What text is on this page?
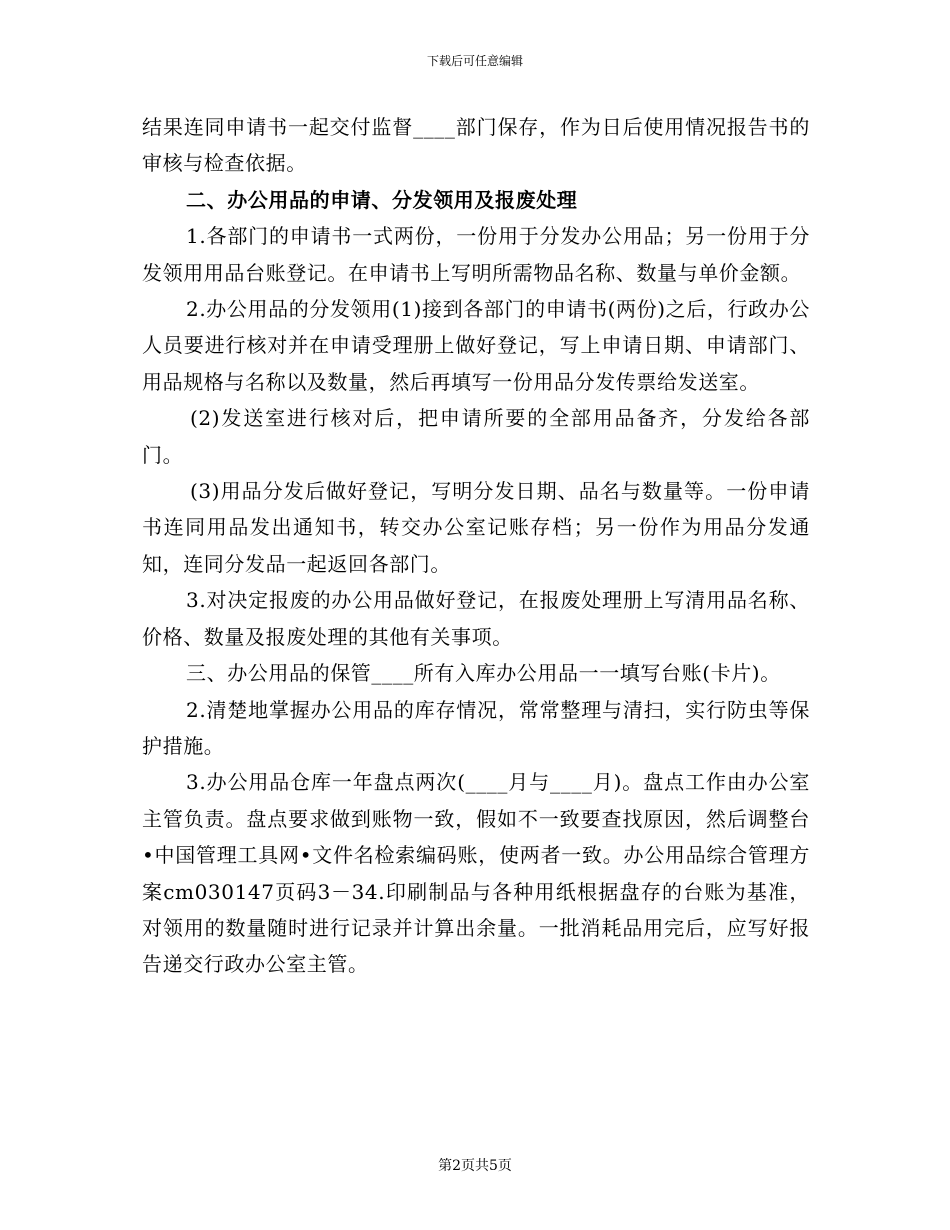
下载后可任意编辑

结果连同申请书一起交付监督____部门保存，作为日后使用情况报告书的审核与检查依据。

二、办公用品的申请、分发领用及报废处理

1.各部门的申请书一式两份，一份用于分发办公用品；另一份用于分发领用用品台账登记。在申请书上写明所需物品名称、数量与单价金额。

2.办公用品的分发领用(1)接到各部门的申请书(两份)之后，行政办公人员要进行核对并在申请受理册上做好登记，写上申请日期、申请部门、用品规格与名称以及数量，然后再填写一份用品分发传票给发送室。

(2)发送室进行核对后，把申请所要的全部用品备齐，分发给各部门。

(3)用品分发后做好登记，写明分发日期、品名与数量等。一份申请书连同用品发出通知书，转交办公室记账存档；另一份作为用品分发通知，连同分发品一起返回各部门。

3.对决定报废的办公用品做好登记，在报废处理册上写清用品名称、价格、数量及报废处理的其他有关事项。

三、办公用品的保管____所有入库办公用品一一填写台账(卡片)。

2.清楚地掌握办公用品的库存情况，常常整理与清扫，实行防虫等保护措施。

3.办公用品仓库一年盘点两次(____月与____月)。盘点工作由办公室主管负责。盘点要求做到账物一致，假如不一致要查找原因，然后调整台•中国管理工具网•文件名检索编码账，使两者一致。办公用品综合管理方案cm030147页码3－34.印刷制品与各种用纸根据盘存的台账为基准，对领用的数量随时进行记录并计算出余量。一批消耗品用完后，应写好报告递交行政办公室主管。

第2页共5页
